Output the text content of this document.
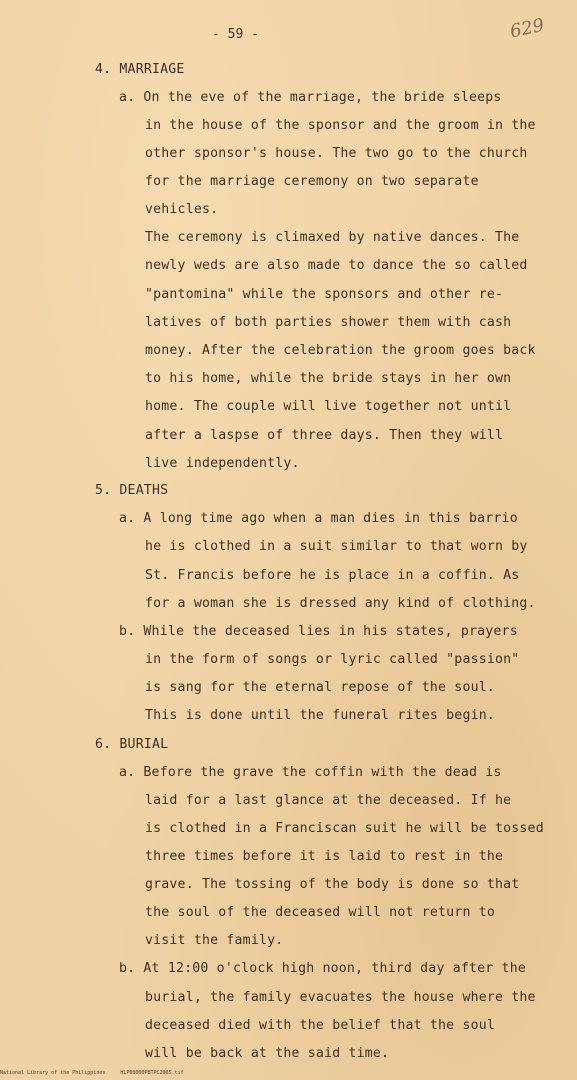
- 59 -	629
4. MARRIAGE
a. On the eve of the marriage, the bride sleeps
in the house of the sponsor and the groom in the
other sponsor's house. The two go to the church
for the marriage ceremony on two separate
vehicles.
The ceremony is climaxed by native dances. The
newly weds are also made to dance the so called
"pantomina" while the sponsors and other re-
latives of both parties shower them with cash
money. After the celebration the groom goes back
to his home, while the bride stays in her own
home. The couple will live together not until
after a laspse of three days. Then they will
live independently.
5. DEATHS
a. A long time ago when a man dies in this barrio
he is clothed in a suit similar to that worn by
St. Francis before he is place in a coffin. As
for a woman she is dressed any kind of clothing.
b. While the deceased lies in his states, prayers
in the form of songs or lyric called "passion"
is sang for the eternal repose of the soul.
This is done until the funeral rites begin.
6. BURIAL
a. Before the grave the coffin with the dead is
laid for a last glance at the deceased. If he
is clothed in a Franciscan suit he will be tossed
three times before it is laid to rest in the
grave. The tossing of the body is done so that
the soul of the deceased will not return to
visit the family.
b. At 12:00 o'clock high noon, third day after the
burial, the family evacuates the house where the
deceased died with the belief that the soul
will be back at the said time.
National Library of the Philippines	HLP00000PBTPC2005.tif
